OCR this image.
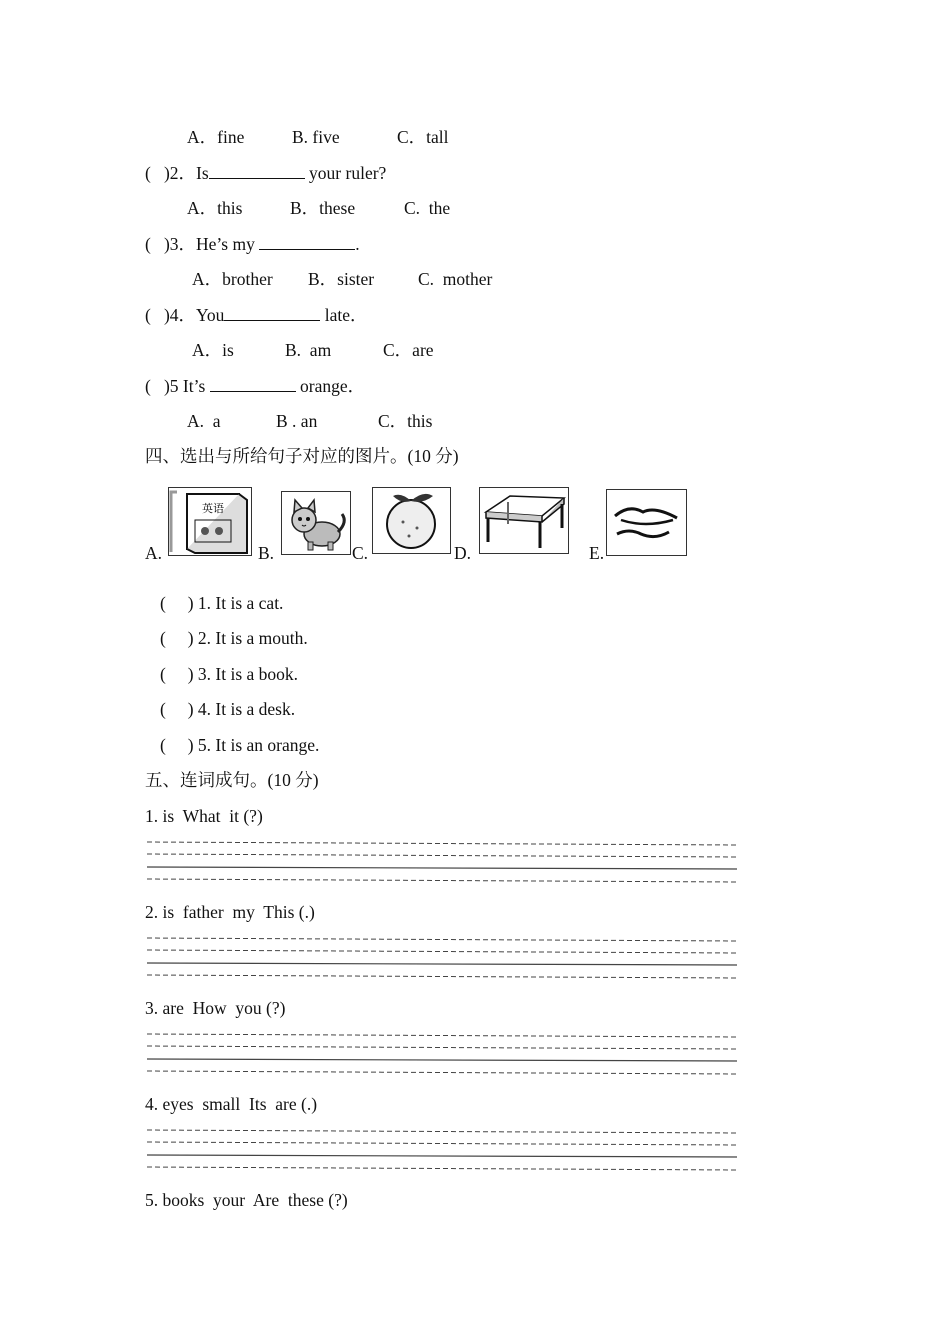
A．fine	B. five	C．tall
(   )2．Is	your ruler?
A．this	B．these	C.  the
(   )3．He’s my	.
A．brother B．sister	C.  mother
(   )4．You	late．
A．is	B.  am	C．are
(   )5 It’s	orange．
A.  a	B . an	C．this
四、选出与所给句子对应的图片。(10 分)
A.
英语
B.	C.	D.	E.
(     ) 1. It is a cat.
(     ) 2. It is a mouth.
(     ) 3. It is a book.
(     ) 4. It is a desk.
(     ) 5. It is an orange.
五、连词成句。(10 分)
1. is  What  it (?)
2. is  father  my  This (.)
3. are  How  you (?)
4. eyes  small  Its  are (.)
5. books  your  Are  these (?)
